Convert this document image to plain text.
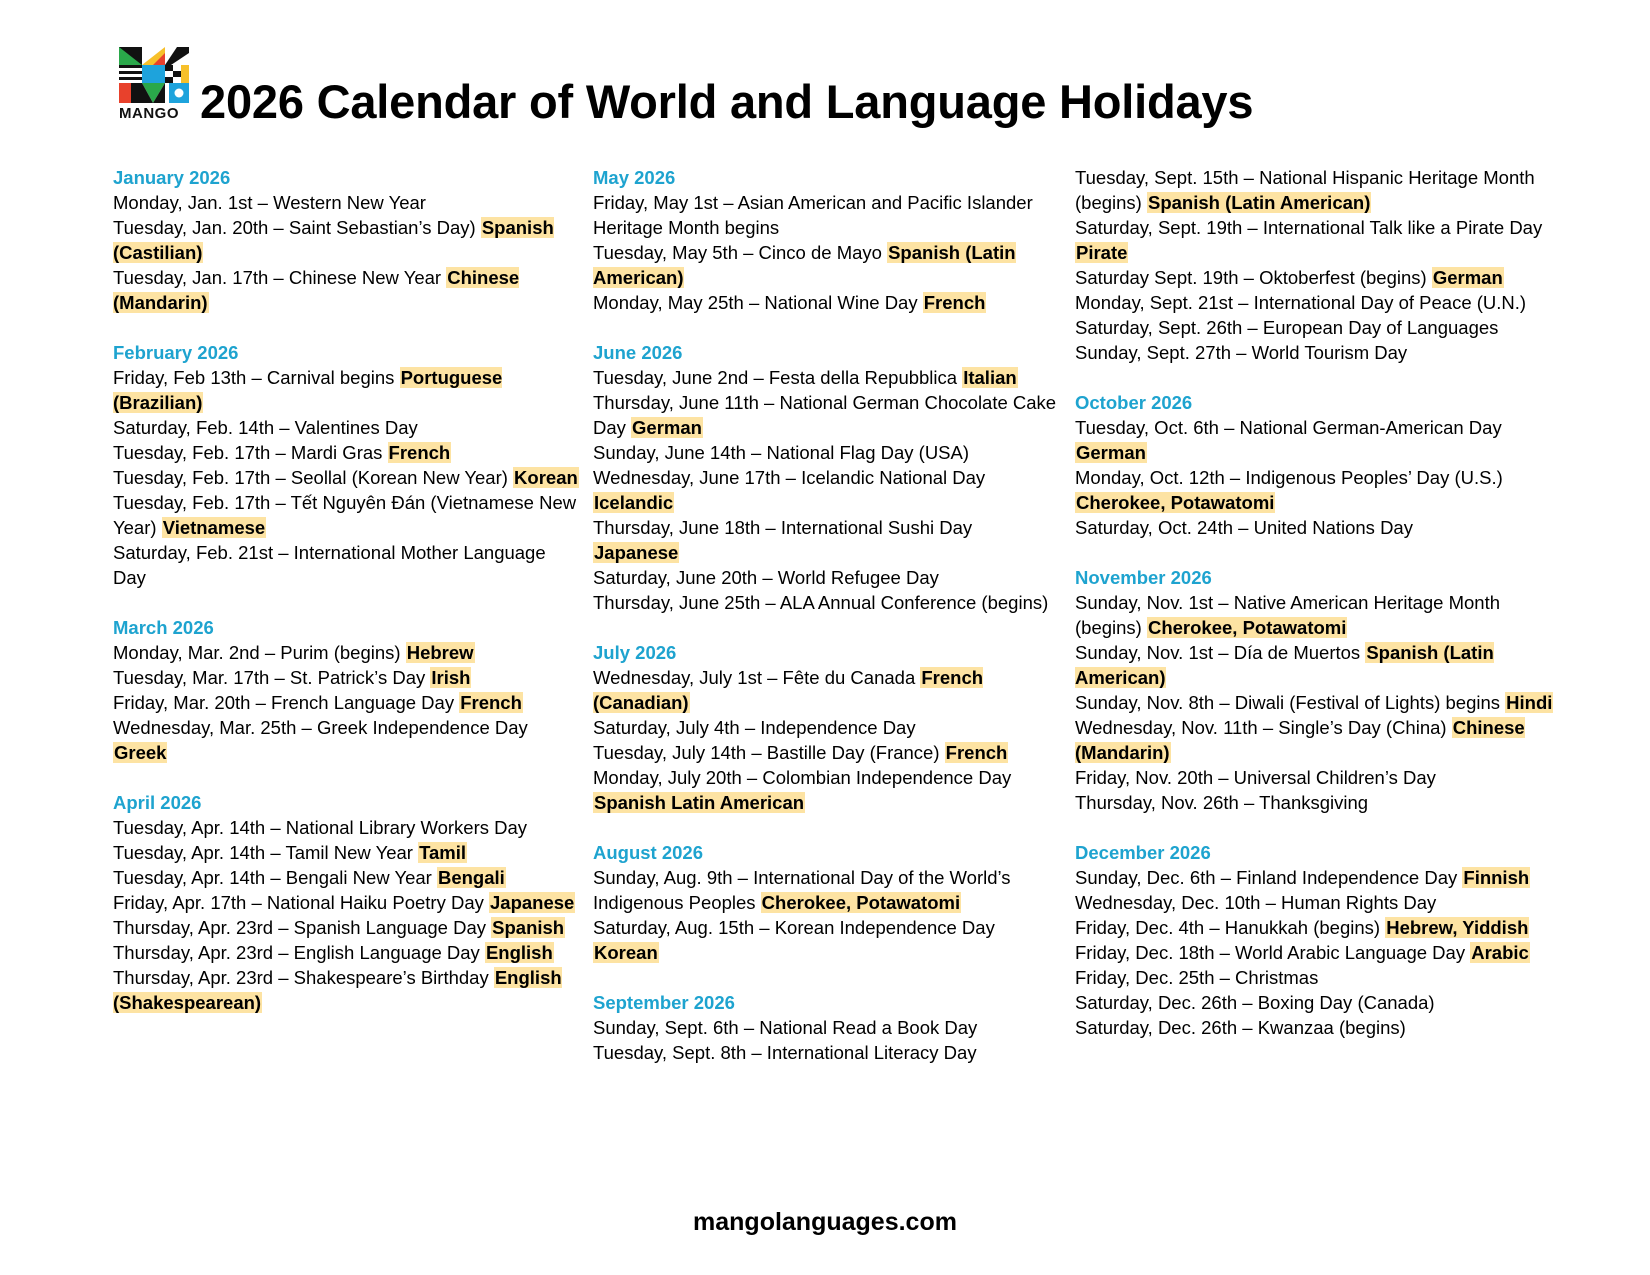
MANGO 2026 Calendar of World and Language Holidays
January 2026
Monday, Jan. 1st – Western New Year
Tuesday, Jan. 20th – Saint Sebastian’s Day) Spanish (Castilian)
Tuesday, Jan. 17th – Chinese New Year Chinese (Mandarin)
February 2026
Friday, Feb 13th – Carnival begins Portuguese (Brazilian)
Saturday, Feb. 14th – Valentines Day
Tuesday, Feb. 17th – Mardi Gras French
Tuesday, Feb. 17th – Seollal (Korean New Year) Korean
Tuesday, Feb. 17th – Tết Nguyên Đán (Vietnamese New Year) Vietnamese
Saturday, Feb. 21st – International Mother Language Day
March 2026
Monday, Mar. 2nd – Purim (begins) Hebrew
Tuesday, Mar. 17th – St. Patrick’s Day Irish
Friday, Mar. 20th – French Language Day French
Wednesday, Mar. 25th – Greek Independence Day Greek
April 2026
Tuesday, Apr. 14th – National Library Workers Day
Tuesday, Apr. 14th – Tamil New Year Tamil
Tuesday, Apr. 14th – Bengali New Year Bengali
Friday, Apr. 17th – National Haiku Poetry Day Japanese
Thursday, Apr. 23rd – Spanish Language Day Spanish
Thursday, Apr. 23rd – English Language Day English
Thursday, Apr. 23rd – Shakespeare’s Birthday English (Shakespearean)
May 2026
Friday, May 1st – Asian American and Pacific Islander Heritage Month begins
Tuesday, May 5th – Cinco de Mayo Spanish (Latin American)
Monday, May 25th – National Wine Day French
June 2026
Tuesday, June 2nd – Festa della Repubblica Italian
Thursday, June 11th – National German Chocolate Cake Day German
Sunday, June 14th – National Flag Day (USA)
Wednesday, June 17th – Icelandic National Day Icelandic
Thursday, June 18th – International Sushi Day Japanese
Saturday, June 20th – World Refugee Day
Thursday, June 25th – ALA Annual Conference (begins)
July 2026
Wednesday, July 1st – Fête du Canada French (Canadian)
Saturday, July 4th – Independence Day
Tuesday, July 14th – Bastille Day (France) French
Monday, July 20th – Colombian Independence Day Spanish Latin American
August 2026
Sunday, Aug. 9th – International Day of the World’s Indigenous Peoples Cherokee, Potawatomi
Saturday, Aug. 15th – Korean Independence Day Korean
September 2026
Sunday, Sept. 6th – National Read a Book Day
Tuesday, Sept. 8th – International Literacy Day
Tuesday, Sept. 15th – National Hispanic Heritage Month (begins) Spanish (Latin American)
Saturday, Sept. 19th – International Talk like a Pirate Day Pirate
Saturday Sept. 19th – Oktoberfest (begins) German
Monday, Sept. 21st – International Day of Peace (U.N.)
Saturday, Sept. 26th – European Day of Languages
Sunday, Sept. 27th – World Tourism Day
October 2026
Tuesday, Oct. 6th – National German-American Day German
Monday, Oct. 12th – Indigenous Peoples’ Day (U.S.) Cherokee, Potawatomi
Saturday, Oct. 24th – United Nations Day
November 2026
Sunday, Nov. 1st – Native American Heritage Month (begins) Cherokee, Potawatomi
Sunday, Nov. 1st – Día de Muertos Spanish (Latin American)
Sunday, Nov. 8th – Diwali (Festival of Lights) begins Hindi
Wednesday, Nov. 11th – Single’s Day (China) Chinese (Mandarin)
Friday, Nov. 20th – Universal Children’s Day
Thursday, Nov. 26th – Thanksgiving
December 2026
Sunday, Dec. 6th – Finland Independence Day Finnish
Wednesday, Dec. 10th – Human Rights Day
Friday, Dec. 4th – Hanukkah (begins) Hebrew, Yiddish
Friday, Dec. 18th – World Arabic Language Day Arabic
Friday, Dec. 25th – Christmas
Saturday, Dec. 26th – Boxing Day (Canada)
Saturday, Dec. 26th – Kwanzaa (begins)
mangolanguages.com
